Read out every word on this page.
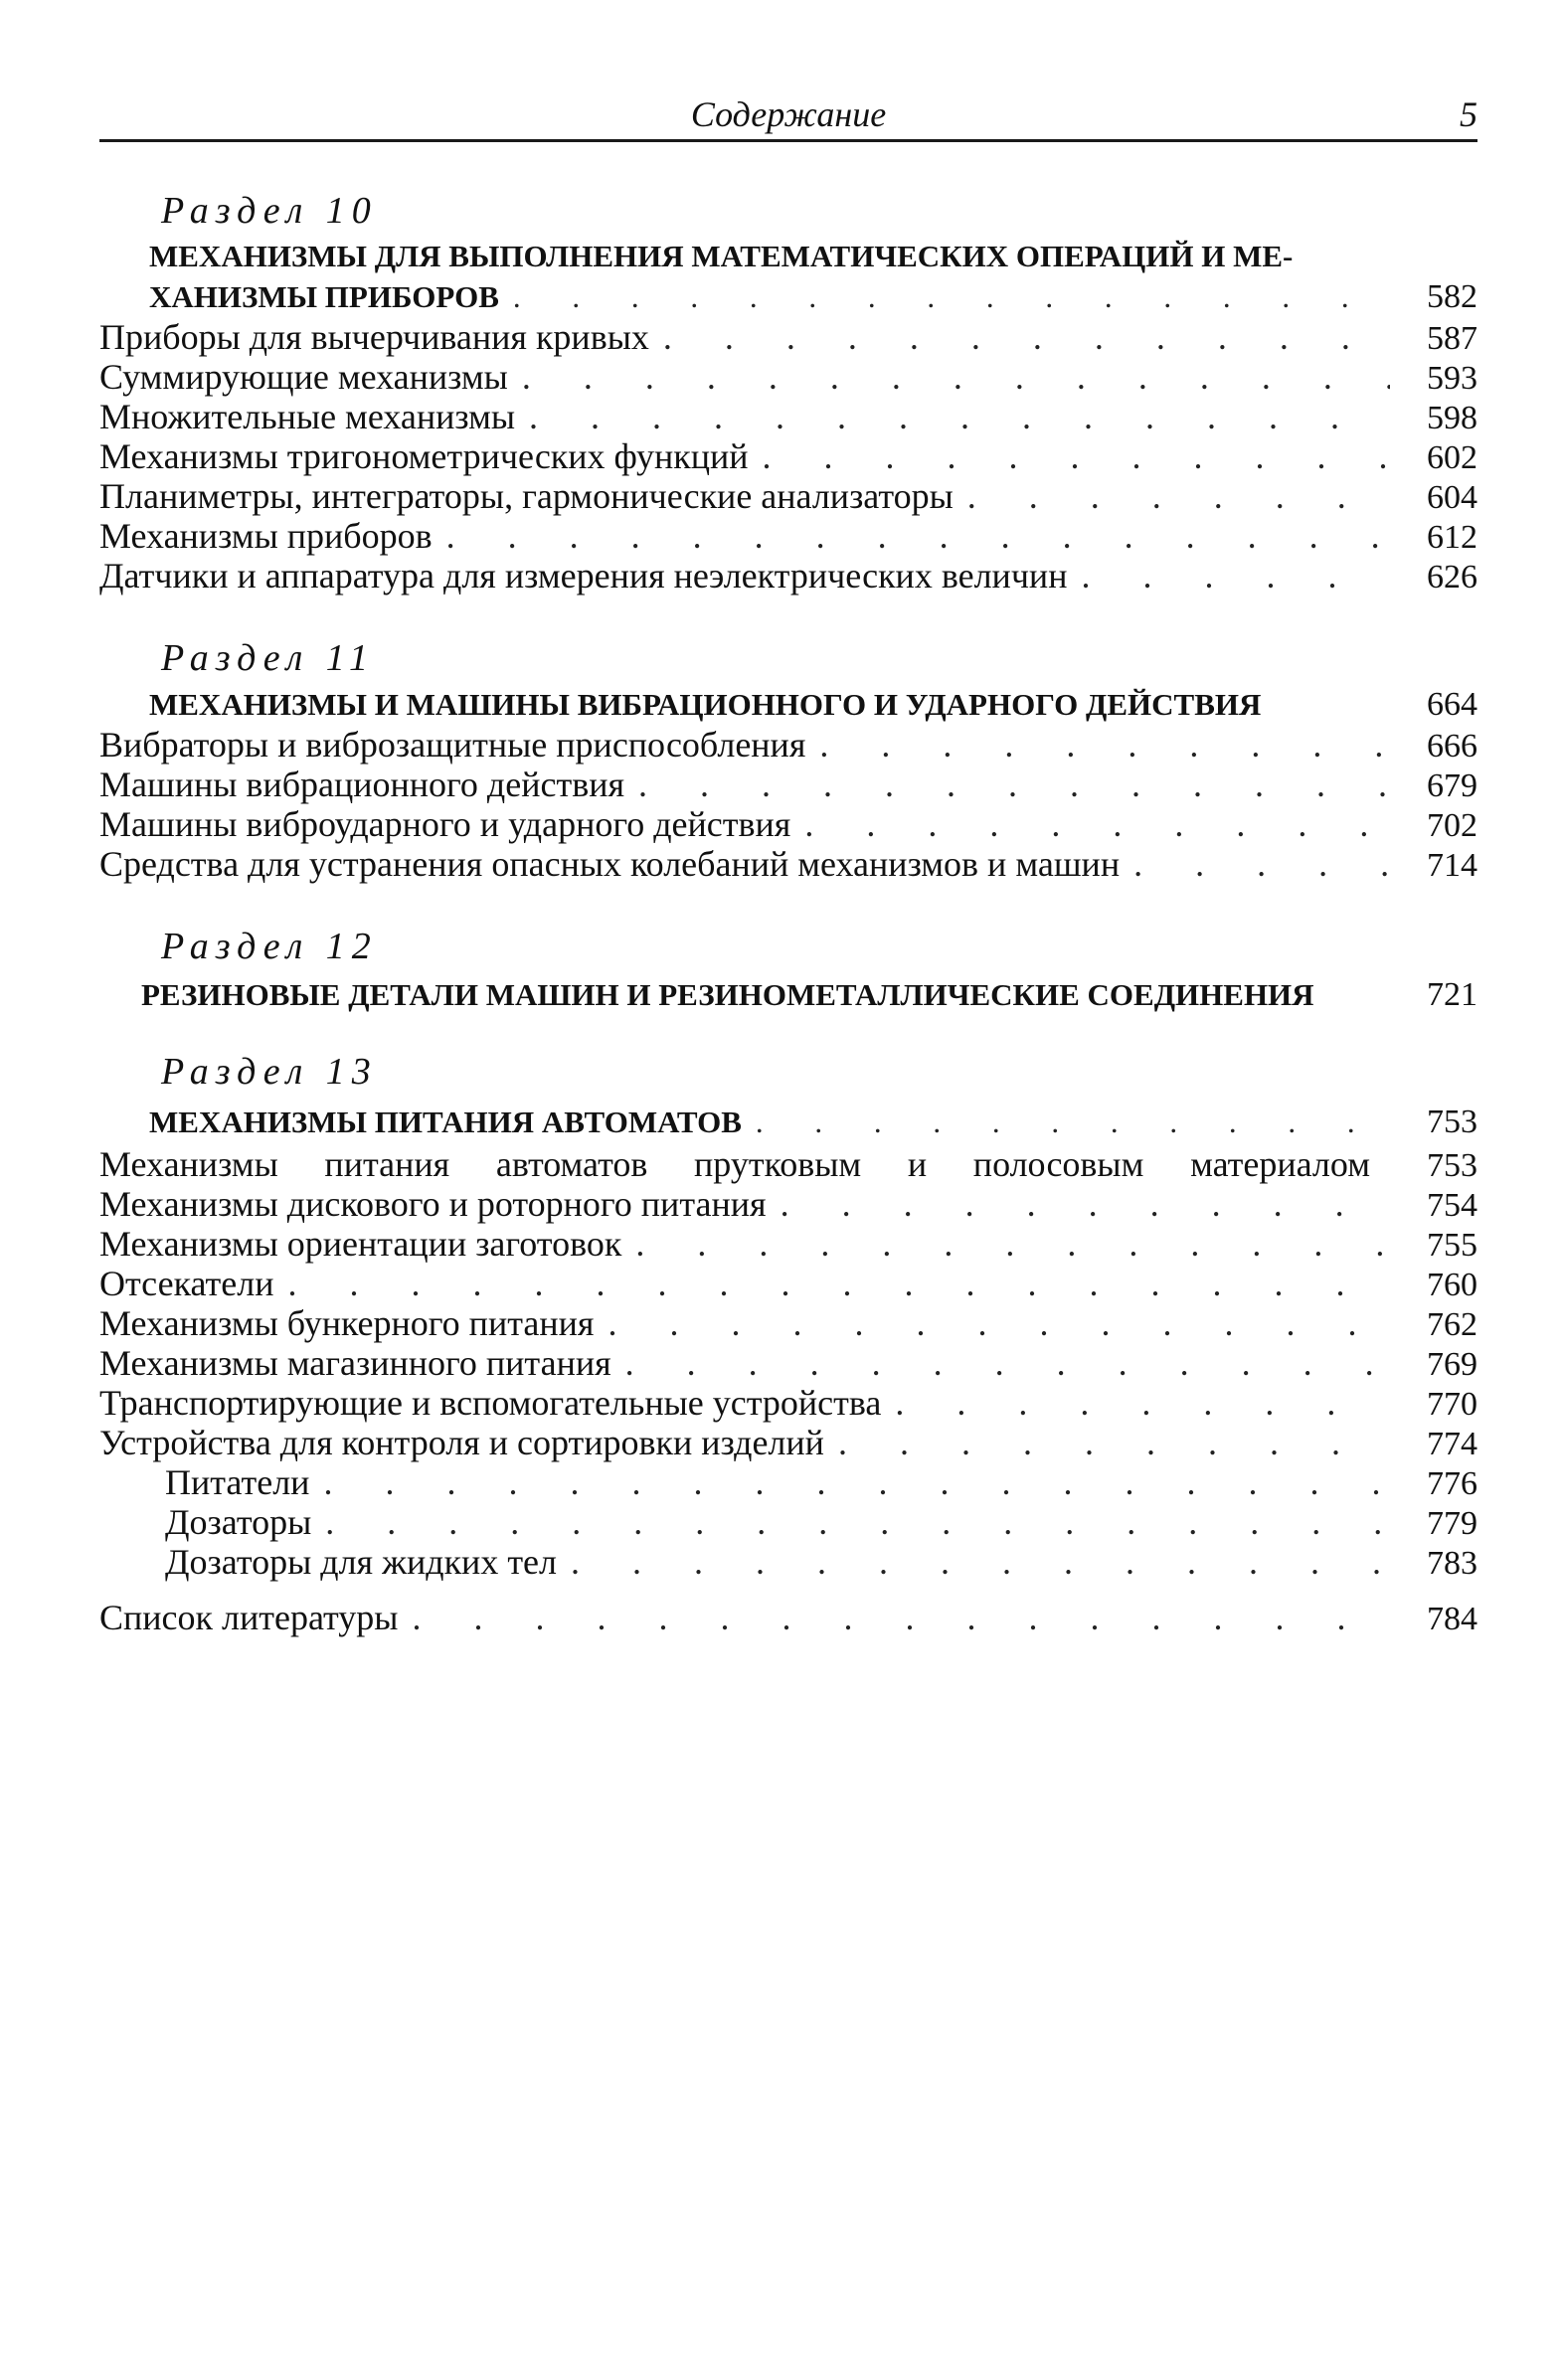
Содержание	5
Раздел 10
МЕХАНИЗМЫ ДЛЯ ВЫПОЛНЕНИЯ МАТЕМАТИЧЕСКИХ ОПЕРАЦИЙ И МЕ-
ХАНИЗМЫ ПРИБОРОВ . . .	582
Приборы для вычерчивания кривых . . .	587
Суммирующие механизмы . . .	593
Множительные механизмы . . .	598
Механизмы тригонометрических функций . . .	602
Планиметры, интеграторы, гармонические анализаторы . . .	604
Механизмы приборов . . .	612
Датчики и аппаратура для измерения неэлектрических величин . . .	626
Раздел 11
МЕХАНИЗМЫ И МАШИНЫ ВИБРАЦИОННОГО И УДАРНОГО ДЕЙСТВИЯ	664
Вибраторы и виброзащитные приспособления . . .	666
Машины вибрационного действия . . .	679
Машины виброударного и ударного действия . . .	702
Средства для устранения опасных колебаний механизмов и машин . . .	714
Раздел 12
РЕЗИНОВЫЕ ДЕТАЛИ МАШИН И РЕЗИНОМЕТАЛЛИЧЕСКИЕ СОЕДИНЕНИЯ	721
Раздел 13
МЕХАНИЗМЫ ПИТАНИЯ АВТОМАТОВ . . .	753
Механизмы питания автоматов прутковым и полосовым материалом 753
Механизмы дискового и роторного питания . . .	754
Механизмы ориентации заготовок . . .	755
Отсекатели . . .	760
Механизмы бункерного питания . . .	762
Механизмы магазинного питания . . .	769
Транспортирующие и вспомогательные устройства . . .	770
Устройства для контроля и сортировки изделий . . .	774
Питатели . . .	776
Дозаторы . . .	779
Дозаторы для жидких тел . . .	783
Список литературы . . .	784
